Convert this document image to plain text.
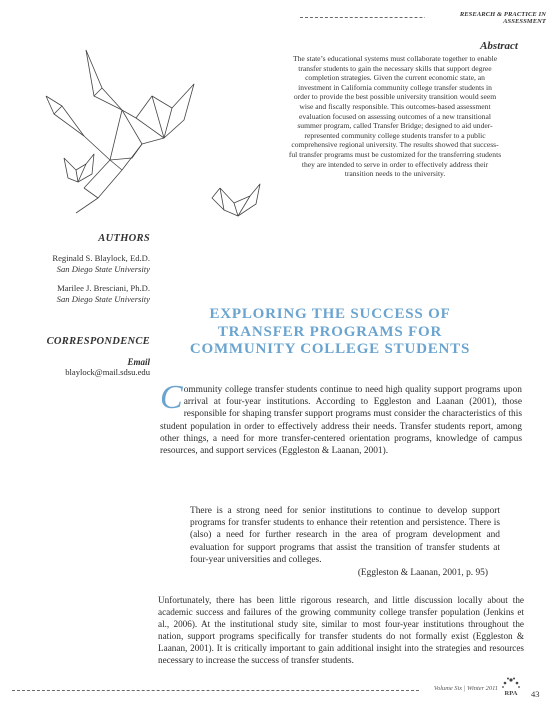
RESEARCH & PRACTICE IN ASSESSMENT
Abstract
The state’s educational systems must collaborate together to enable
transfer students to gain the necessary skills that support degree
completion strategies. Given the current economic state, an
investment in California community college transfer students in
order to provide the best possible university transition would seem
wise and fiscally responsible. This outcomes-based assessment
evaluation focused on assessing outcomes of a new transitional
summer program, called Transfer Bridge; designed to aid under-
represented community college students transfer to a public
comprehensive regional university. The results showed that success-
ful transfer programs must be customized for the transferring students
they are intended to serve in order to effectively address their
transition needs to the university.
AUTHORS
Reginald S. Blaylock, Ed.D.
San Diego State University
Marilee J. Bresciani, Ph.D.
San Diego State University
CORRESPONDENCE
Email
blaylock@mail.sdsu.edu
EXPLORING THE SUCCESS OF
TRANSFER PROGRAMS FOR
COMMUNITY COLLEGE STUDENTS
Community college transfer students continue to need high quality support programs upon arrival at four-year institutions. According to Eggleston and Laanan (2001), those responsible for shaping transfer support programs must consider the characteristics of this student population in order to effectively address their needs. Transfer students report, among other things, a need for more transfer-centered orientation programs, knowledge of campus resources, and support services (Eggleston & Laanan, 2001).
There is a strong need for senior institutions to continue to develop support programs for transfer students to enhance their retention and persistence. There is (also) a need for further research in the area of program development and evaluation for support programs that assist the transition of transfer students at four-year universities and colleges.
(Eggleston & Laanan, 2001, p. 95)
Unfortunately, there has been little rigorous research, and little discussion locally about the academic success and failures of the growing community college transfer population (Jenkins et al., 2006). At the institutional study site, similar to most four-year institutions throughout the nation, support programs specifically for transfer students do not formally exist (Eggleston & Laanan, 2001). It is critically important to gain additional insight into the strategies and resources necessary to increase the success of transfer students.
Volume Six | Winter 2011
RPA 43
